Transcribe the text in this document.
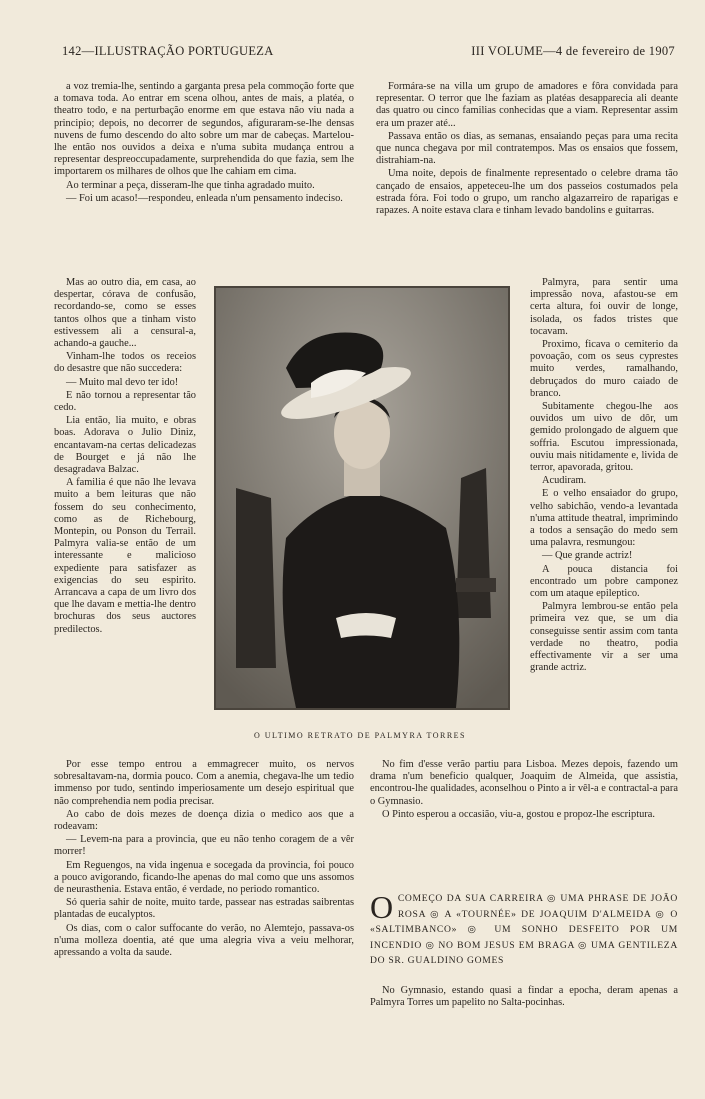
142—ILLUSTRAÇÃO PORTUGUEZA	III VOLUME—4 de fevereiro de 1907

a voz tremia-lhe, sentindo a garganta presa pela commoção forte que a tomava toda. Ao entrar em scena olhou, antes de mais, a platéa, o theatro todo, e na perturbação enorme em que estava não viu nada a principio; depois, no decorrer de segundos, afiguraram-se-lhe densas nuvens de fumo descendo do alto sobre um mar de cabeças. Martelou-lhe então nos ouvidos a deixa e n'uma subita mudança entrou a representar despreoccupadamente, surprehendida do que fazia, sem lhe importarem os milhares de olhos que lhe cahiam em cima.

Ao terminar a peça, disseram-lhe que tinha agradado muito.

— Foi um acaso!—respondeu, enleada n'um pensamento indeciso.

Mas ao outro dia, em casa, ao despertar, córava de confusão, recordando-se, como se esses tantos olhos que a tinham visto estivessem ali a censural-a, achando-a gauche...

Vinham-lhe todos os receios do desastre que não succedera:

— Muito mal devo ter ido!

E não tornou a representar tão cedo.

Lia então, lia muito, e obras boas. Adorava o Julio Diniz, encantavam-na certas delicadezas de Bourget e já não lhe desagradava Balzac.

A familia é que não lhe levava muito a bem leituras que não fossem do seu conhecimento, como as de Richebourg, Montepin, ou Ponson du Terrail. Palmyra valia-se então de um interessante e malicioso expediente para satisfazer as exigencias do seu espirito. Arrancava a capa de um livro dos que lhe davam e mettia-lhe dentro brochuras dos seus auctores predilectos.

Formára-se na villa um grupo de amadores e fôra convidada para representar. O terror que lhe faziam as platéas desapparecia ali deante das quatro ou cinco familias conhecidas que a viam. Representar assim era um prazer até...

Passava então os dias, as semanas, ensaiando peças para uma recita que nunca chegava por mil contratempos. Mas os ensaios que fossem, distrahiam-na.

Uma noite, depois de finalmente representado o celebre drama tão cançado de ensaios, appeteceu-lhe um dos passeios costumados pela estrada fóra. Foi todo o grupo, um rancho algazarreiro de raparigas e rapazes. A noite estava clara e tinham levado bandolins e guitarras.

Palmyra, para sentir uma impressão nova, afastou-se em certa altura, foi ouvir de longe, isolada, os fados tristes que tocavam.

Proximo, ficava o cemiterio da povoação, com os seus cyprestes muito verdes, ramalhando, debruçados do muro caiado de branco.

Subitamente chegou-lhe aos ouvidos um uivo de dôr, um gemido prolongado de alguem que soffria. Escutou impressionada, ouviu mais nitidamente e, livida de terror, apavorada, gritou.

Acudiram.

E o velho ensaiador do grupo, velho sabichão, vendo-a levantada n'uma attitude theatral, imprimindo a todos a sensação do medo sem uma palavra, resmungou:

— Que grande actriz!

A pouca distancia foi encontrado um pobre camponez com um ataque epileptico.

Palmyra lembrou-se então pela primeira vez que, se um dia conseguisse sentir assim com tanta verdade no theatro, podia effectivamente vir a ser uma grande actriz.

Por esse tempo entrou a emmagrecer muito, os nervos sobresaltavam-na, dormia pouco. Com a anemia, chegava-lhe um tedio immenso por tudo, sentindo imperiosamente um desejo espiritual que não comprehendia nem podia precisar.

Ao cabo de dois mezes de doença dizia o medico aos que a rodeavam:

— Levem-na para a provincia, que eu não tenho coragem de a vêr morrer!

Em Reguengos, na vida ingenua e socegada da provincia, foi pouco a pouco avigorando, ficando-lhe apenas do mal como que uns assomos de neurasthenia. Estava então, é verdade, no periodo romantico.

Só queria sahir de noite, muito tarde, passear nas estradas saibrentas plantadas de eucalyptos.

Os dias, com o calor suffocante do verão, no Alemtejo, passava-os n'uma molleza doentia, até que uma alegria viva a veiu melhorar, apressando a volta da saude.

No fim d'esse verão partiu para Lisboa. Mezes depois, fazendo um drama n'um beneficio qualquer, Joaquim de Almeida, que assistia, encontrou-lhe qualidades, aconselhou o Pinto a ir vêl-a e contractal-a para o Gymnasio.

O Pinto esperou a occasião, viu-a, gostou e propoz-lhe escriptura.

No Gymnasio, estando quasi a findar a epocha, deram apenas a Palmyra Torres um papelito no Salta-pocinhas.

O ULTIMO RETRATO DE PALMYRA TORRES
O COMEÇO DA SUA CARREIRA ◎ UMA PHRASE DE JOÃO ROSA ◎ A «TOURNÉE» DE JOAQUIM D'ALMEIDA ◎ O «SALTIMBANCO» ◎ UM SONHO DESFEITO POR UM INCENDIO ◎ NO BOM JESUS EM BRAGA ◎ UMA GENTILEZA DO SR. GUALDINO GOMES
